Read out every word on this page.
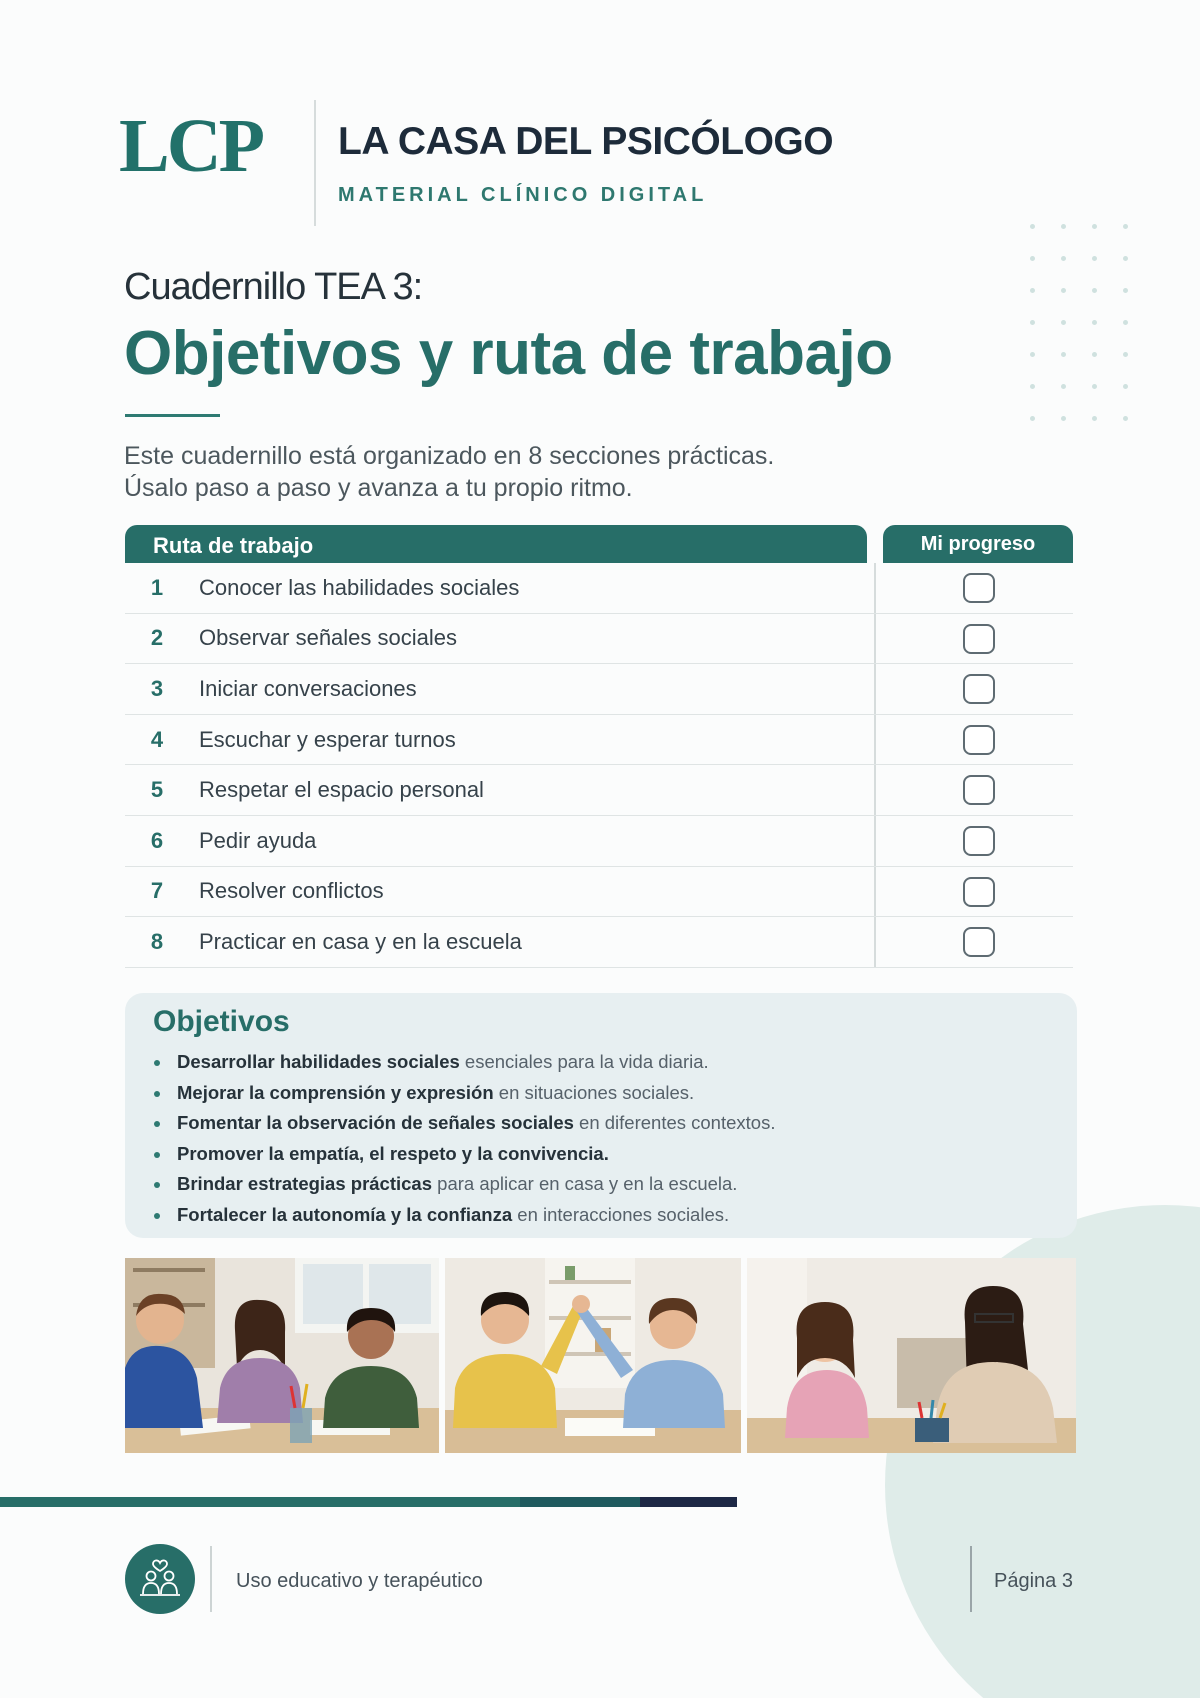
LCP LA CASA DEL PSICÓLOGO
MATERIAL CLÍNICO DIGITAL
Cuadernillo TEA 3:
Objetivos y ruta de trabajo

Este cuadernillo está organizado en 8 secciones prácticas.

Úsalo paso a paso y avanza a tu propio ritmo.

Ruta de trabajo	Mi progreso
1	Conocer las habilidades sociales
2	Observar señales sociales
3	Iniciar conversaciones
4	Escuchar y esperar turnos
5	Respetar el espacio personal
6	Pedir ayuda
7	Resolver conflictos
8	Practicar en casa y en la escuela
Objetivos
Desarrollar habilidades sociales esenciales para la vida diaria.
Mejorar la comprensión y expresión en situaciones sociales.
Fomentar la observación de señales sociales en diferentes contextos.
Promover la empatía, el respeto y la convivencia.
Brindar estrategias prácticas para aplicar en casa y en la escuela.
Fortalecer la autonomía y la confianza en interacciones sociales.
Uso educativo y terapéutico	Página 3
